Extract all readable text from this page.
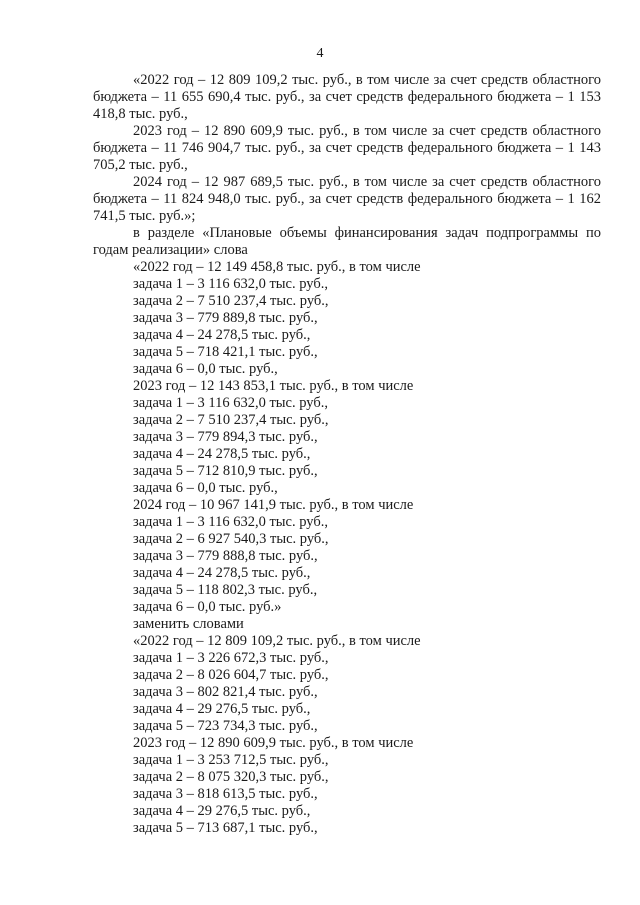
4

«2022 год – 12 809 109,2 тыс. руб., в том числе за счет средств областного бюджета – 11 655 690,4 тыс. руб., за счет средств федерального бюджета – 1 153 418,8 тыс. руб.,

2023 год – 12 890 609,9 тыс. руб., в том числе за счет средств областного бюджета – 11 746 904,7 тыс. руб., за счет средств федерального бюджета – 1 143 705,2 тыс. руб.,

2024 год – 12 987 689,5 тыс. руб., в том числе за счет средств областного бюджета – 11 824 948,0 тыс. руб., за счет средств федерального бюджета – 1 162 741,5 тыс. руб.»;

в разделе «Плановые объемы финансирования задач подпрограммы по годам реализации» слова

«2022 год – 12 149 458,8 тыс. руб., в том числе

задача 1 – 3 116 632,0 тыс. руб.,

задача 2 – 7 510 237,4 тыс. руб.,

задача 3 – 779 889,8 тыс. руб.,

задача 4 – 24 278,5 тыс. руб.,

задача 5 – 718 421,1 тыс. руб.,

задача 6 – 0,0 тыс. руб.,

2023 год – 12 143 853,1 тыс. руб., в том числе

задача 1 – 3 116 632,0 тыс. руб.,

задача 2 – 7 510 237,4 тыс. руб.,

задача 3 – 779 894,3 тыс. руб.,

задача 4 – 24 278,5 тыс. руб.,

задача 5 – 712 810,9 тыс. руб.,

задача 6 – 0,0 тыс. руб.,

2024 год – 10 967 141,9 тыс. руб., в том числе

задача 1 – 3 116 632,0 тыс. руб.,

задача 2 – 6 927 540,3 тыс. руб.,

задача 3 – 779 888,8 тыс. руб.,

задача 4 – 24 278,5 тыс. руб.,

задача 5 – 118 802,3 тыс. руб.,

задача 6 – 0,0 тыс. руб.»

заменить словами

«2022 год – 12 809 109,2 тыс. руб., в том числе

задача 1 – 3 226 672,3 тыс. руб.,

задача 2 – 8 026 604,7 тыс. руб.,

задача 3 – 802 821,4 тыс. руб.,

задача 4 – 29 276,5 тыс. руб.,

задача 5 – 723 734,3 тыс. руб.,

2023 год – 12 890 609,9 тыс. руб., в том числе

задача 1 – 3 253 712,5 тыс. руб.,

задача 2 – 8 075 320,3 тыс. руб.,

задача 3 – 818 613,5 тыс. руб.,

задача 4 – 29 276,5 тыс. руб.,

задача 5 – 713 687,1 тыс. руб.,
